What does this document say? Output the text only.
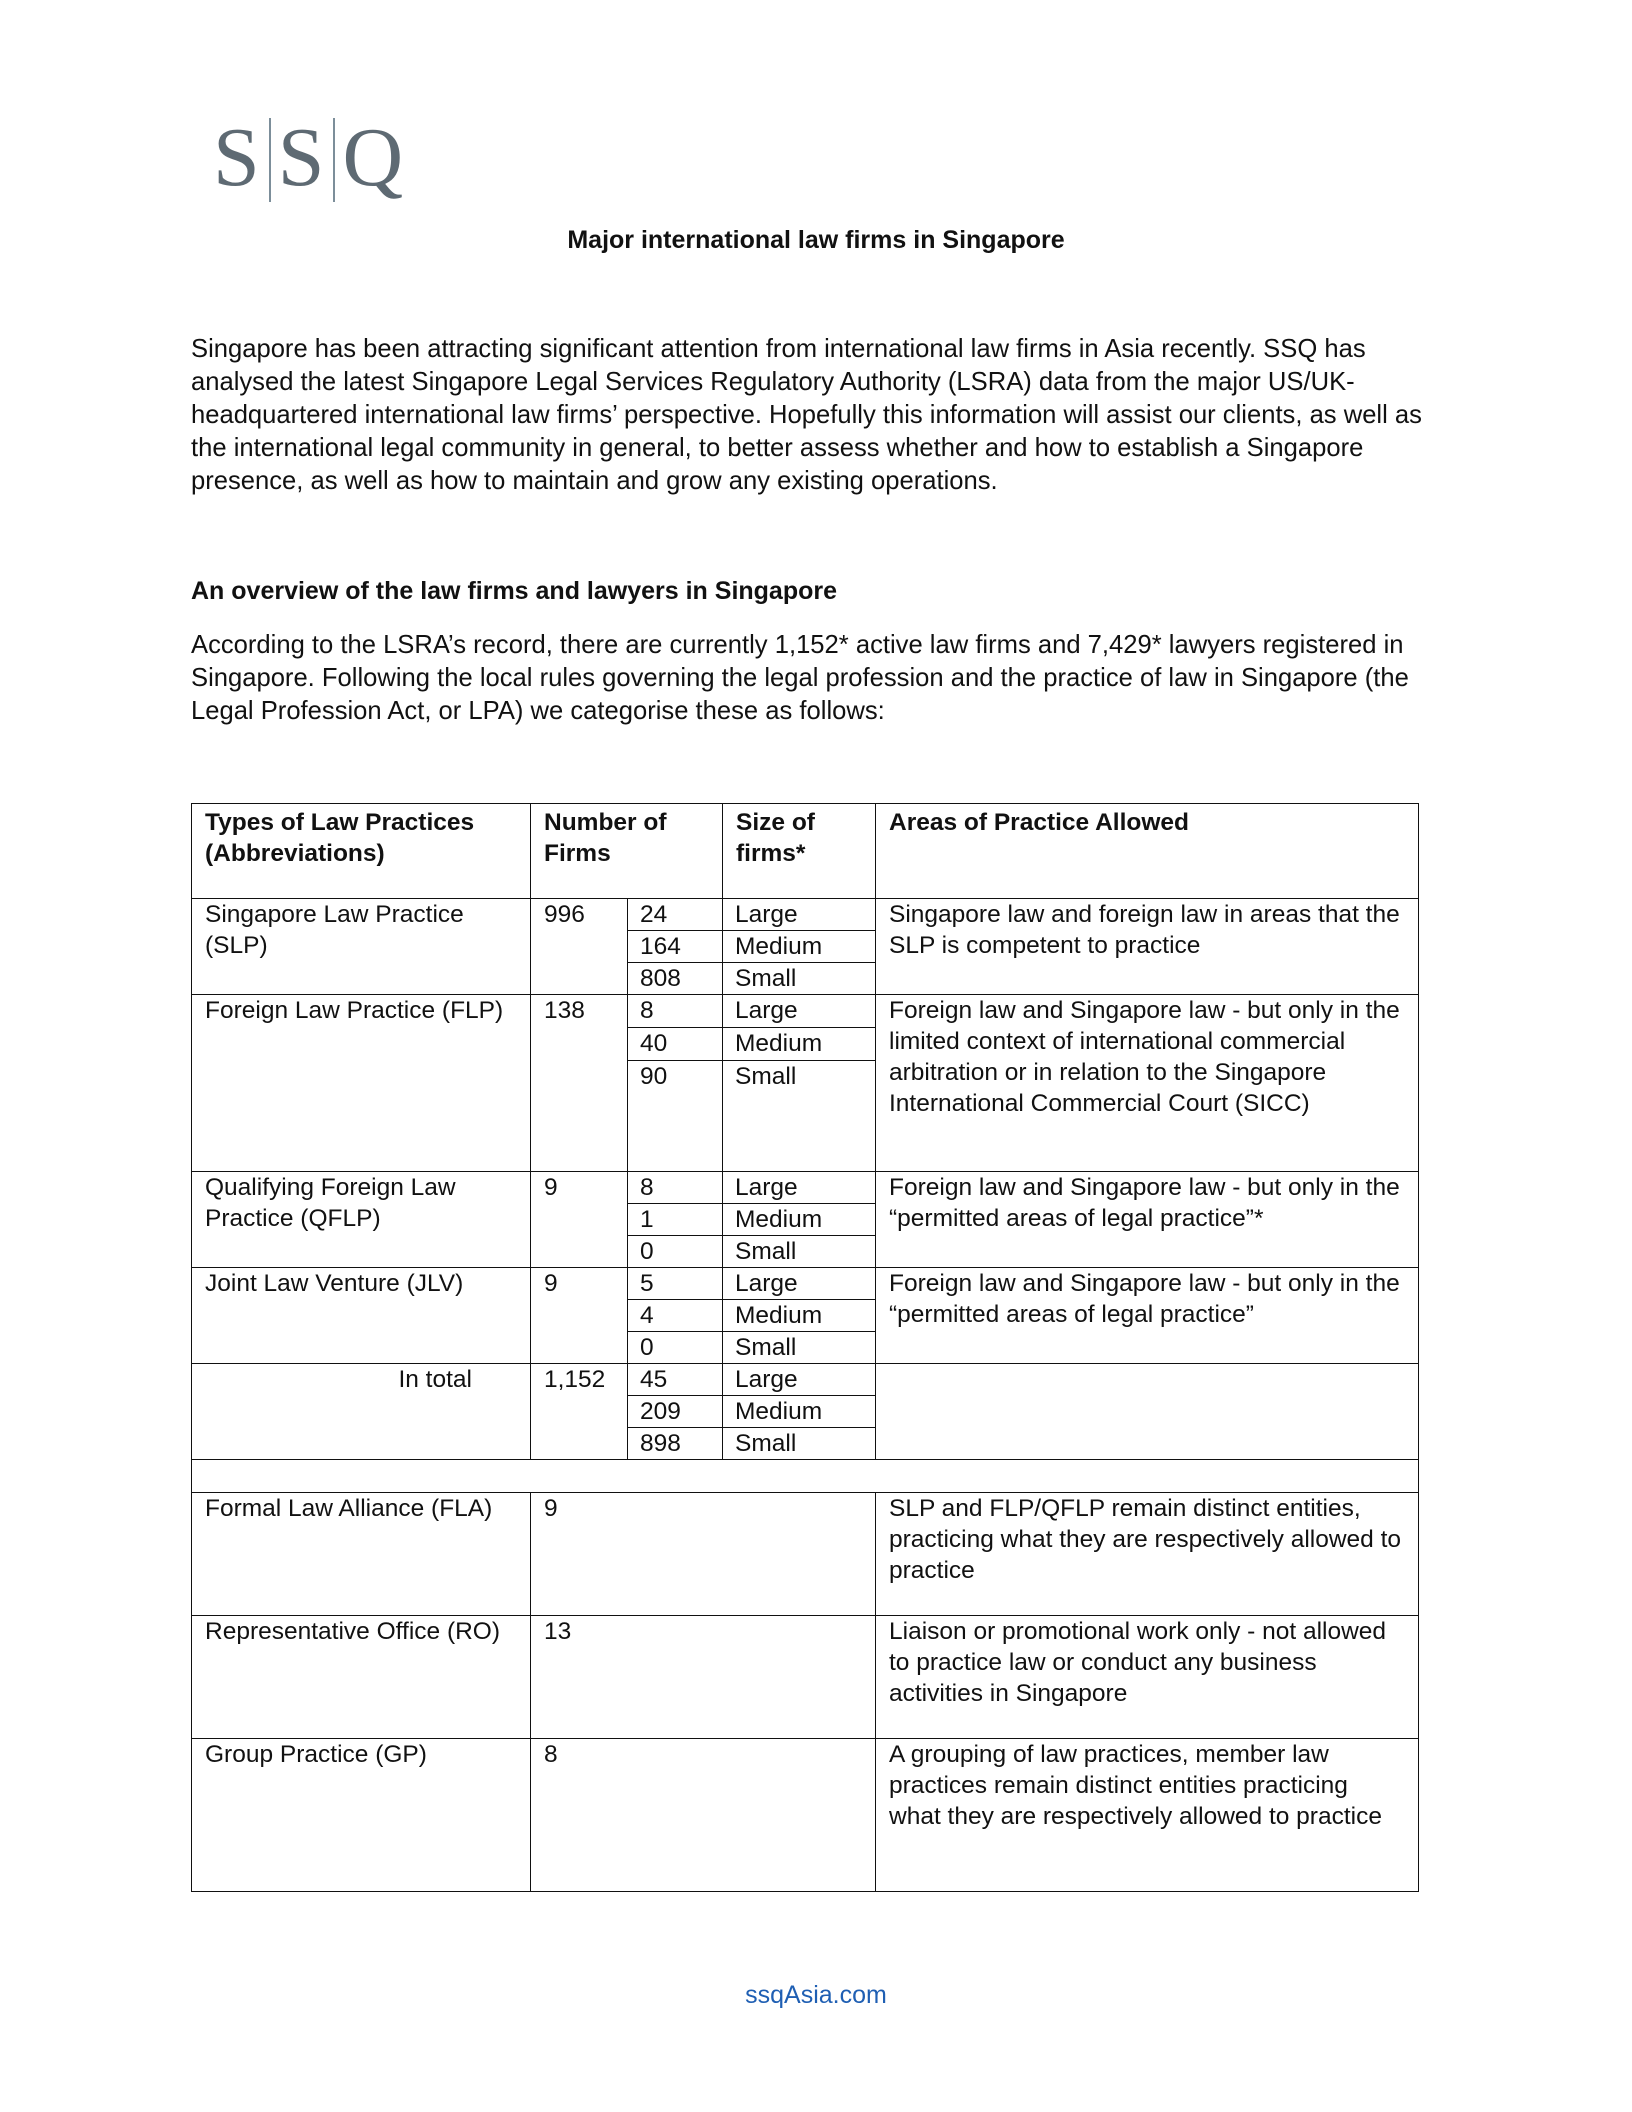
S S Q
Major international law firms in Singapore
Singapore has been attracting significant attention from international law firms in Asia recently. SSQ has analysed the latest Singapore Legal Services Regulatory Authority (LSRA) data from the major US/UK-headquartered international law firms’ perspective. Hopefully this information will assist our clients, as well as the international legal community in general, to better assess whether and how to establish a Singapore presence, as well as how to maintain and grow any existing operations.
An overview of the law firms and lawyers in Singapore
According to the LSRA’s record, there are currently 1,152* active law firms and 7,429* lawyers registered in Singapore. Following the local rules governing the legal profession and the practice of law in Singapore (the Legal Profession Act, or LPA) we categorise these as follows:
Types of Law Practices (Abbreviations)	Number of Firms		Size of firms*	Areas of Practice Allowed
Singapore Law Practice (SLP)	996	24	Large	Singapore law and foreign law in areas that the SLP is competent to practice
		164	Medium	
		808	Small	
Foreign Law Practice (FLP)	138	8	Large	Foreign law and Singapore law - but only in the limited context of international commercial arbitration or in relation to the Singapore International Commercial Court (SICC)
		40	Medium	
		90	Small	
Qualifying Foreign Law Practice (QFLP)	9	8	Large	Foreign law and Singapore law - but only in the “permitted areas of legal practice”*
		1	Medium	
		0	Small	
Joint Law Venture (JLV)	9	5	Large	Foreign law and Singapore law - but only in the “permitted areas of legal practice”
		4	Medium	
		0	Small	
In total	1,152	45	Large	
		209	Medium	
		898	Small	

Formal Law Alliance (FLA)	9			SLP and FLP/QFLP remain distinct entities, practicing what they are respectively allowed to practice
Representative Office (RO)	13			Liaison or promotional work only - not allowed to practice law or conduct any business activities in Singapore
Group Practice (GP)	8			A grouping of law practices, member law practices remain distinct entities practicing what they are respectively allowed to practice
ssqAsia.com
